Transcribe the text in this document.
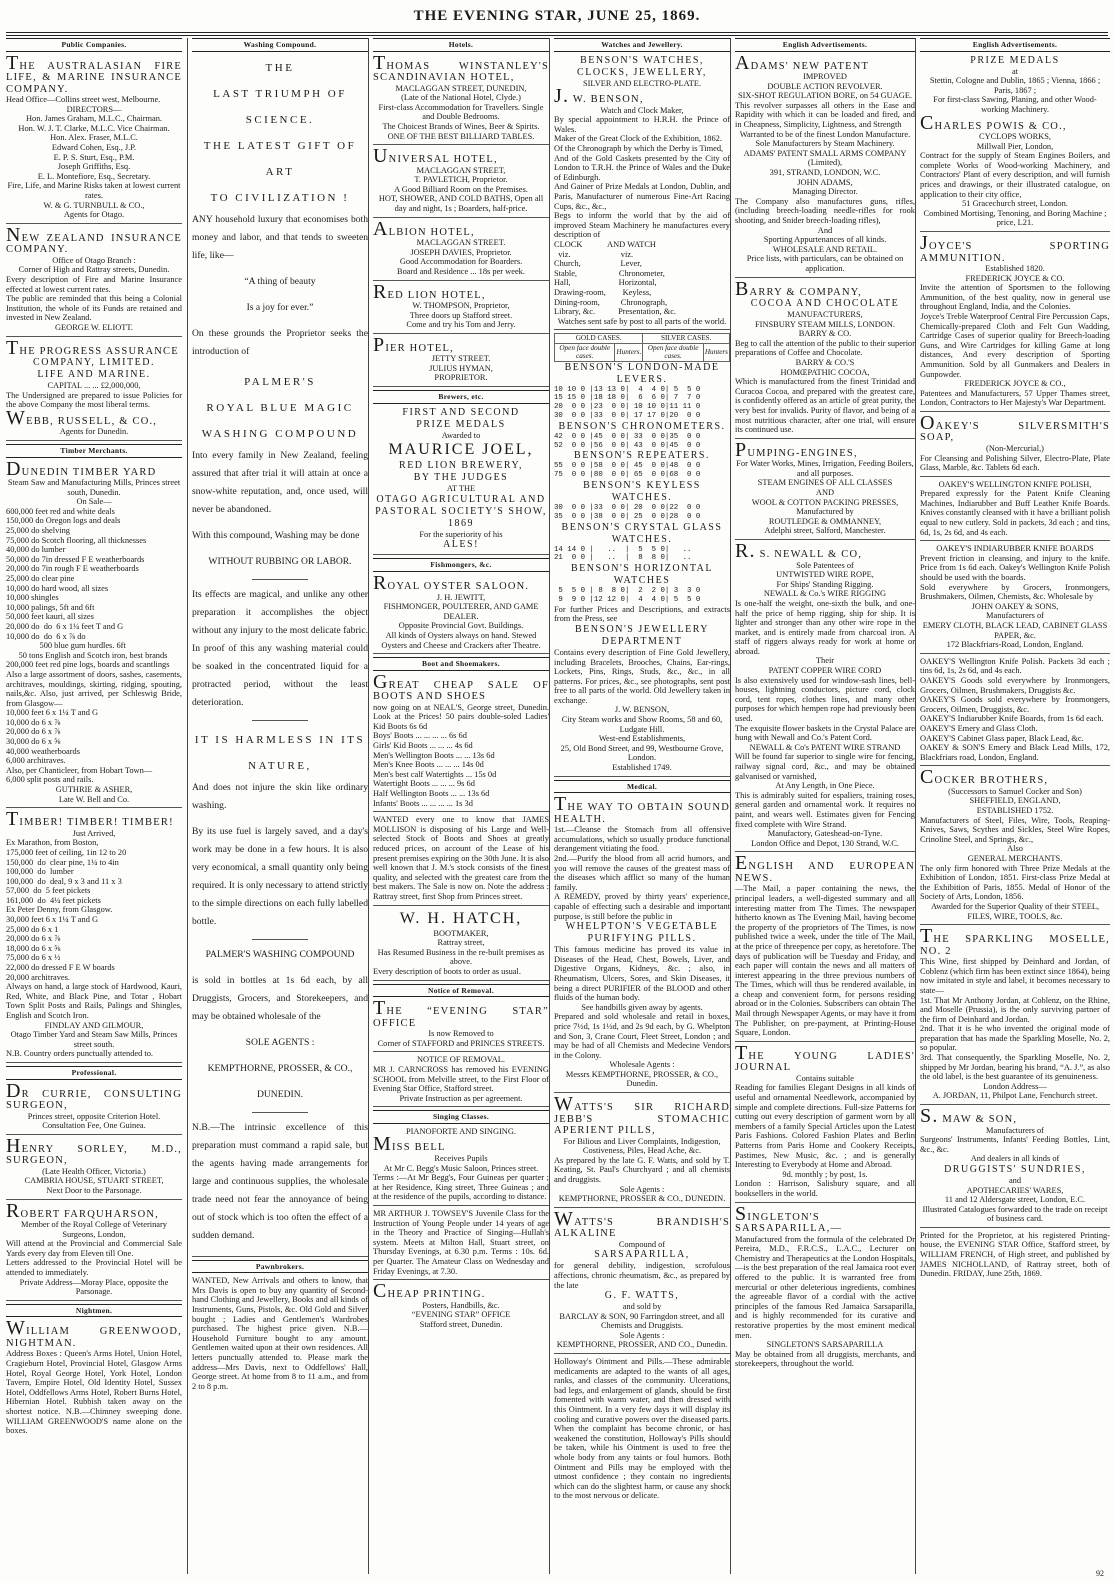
THE EVENING STAR, JUNE 25, 1869.
Public Companies.
THE AUSTRALASIAN FIRE LIFE, & MARINE INSURANCE COMPANY.
Head Office—Collins street west, Melbourne.
DIRECTORS—
Hon. James Graham, M.L.C., Chairman.
Hon. W. J. T. Clarke, M.L.C. Vice Chairman.
Hon. Alex. Fraser, M.L.C.
Edward Cohen, Esq., J.P.
E. P. S. Sturt, Esq., P.M.
Joseph Griffiths, Esq.
E. L. Montefiore, Esq., Secretary.
Fire, Life, and Marine Risks taken at lowest current rates.
W. & G. TURNBULL & CO.,
Agents for Otago.
NEW ZEALAND INSURANCE COMPANY.
Office of Otago Branch :
Corner of High and Rattray streets, Dunedin.
Every description of Fire and Marine Insurance effected at lowest current rates.
The public are reminded that this being a Colonial Institution, the whole of its Funds are retained and invested in New Zealand.
GEORGE W. ELIOTT.
THE PROGRESS ASSURANCE
COMPANY, LIMITED.
LIFE AND MARINE.
CAPITAL ... ... £2,000,000,
The Undersigned are prepared to issue Policies for the above Company the most liberal terms.
WEBB, RUSSELL, & CO.,
Agents for Dunedin.
Timber Merchants.
DUNEDIN TIMBER YARD
Steam Saw and Manufacturing Mills, Princes street south, Dunedin.
On Sale—
600,000 feet red and white deals
150,000 do Oregon logs and deals
25,000 do shelving
75,000 do Scotch flooring, all thicknesses
40,000 do lumber
50,000 do 7in dressed F E weatherboards
20,000 do 7in rough F E weatherboards
25,000 do clear pine
10,000 do hard wood, all sizes
10,000 shingles
10,000 palings, 5ft and 6ft
50,000 feet kauri, all sizes
20,000 do  do  6 x 1¼ feet T and G
10,000 do  do  6 x ⅞ do
500 blue gum hurdles. 6ft
50 tons English and Scotch iron, best brands
200,000 feet red pine logs, boards and scantlings
Also a large assortment of doors, sashes, casements, architraves, mouldings, skirting, ridging, spouting, nails,&c. Also, just arrived, per Schleswig Bride, from Glasgow—
10,000 feet 6 x 1¼ T and G
10,000 do 6 x ⅞
20,000 do 6 x ⅞
30,000 do 6 x ⅝
40,000 weatherboards
6,000 architraves.
Also, per Chanticleer, from Hobart Town—
6,000 split posts and rails.
GUTHRIE & ASHER,
Late W. Bell and Co.
TIMBER! TIMBER! TIMBER!
Just Arrived,
Ex Marathon, from Boston,
175,000 feet of ceiling, 1in 12 to 20
150,000  do  clear pine, 1¼ to 4in
100,000  do  lumber
100,000  do  deal, 9 x 3 and 11 x 3
57,000  do  5 feet pickets
161,000  do  4¼ feet pickets
Ex Peter Denny, from Glasgow.
30,000 feet 6 x 1¼ T and G
25,000 do 6 x 1
20,000 do 6 x ⅞
18,000 do 6 x ⅝
75,000 do 6 x ½
22,000 do dressed F E W boards
20,000 architraves.
Always on hand, a large stock of Hardwood, Kauri, Red, White, and Black Pine, and Totar , Hobart Town Split Posts and Rails, Palings and Shingles, English and Scotch Iron.
FINDLAY AND GILMOUR,
Otago Timber Yard and Steam Saw Mills, Princes street south.
N.B. Country orders punctually attended to.
Professional.
DR CURRIE, CONSULTING SURGEON,
Princes street, opposite Criterion Hotel.
Consultation Fee, One Guinea.
HENRY SORLEY, M.D., SURGEON,
(Late Health Officer, Victoria.)
CAMBRIA HOUSE, STUART STREET,
Next Door to the Parsonage.
ROBERT FARQUHARSON,
Member of the Royal College of Veterinary Surgeons, London,
Will attend at the Provincial and Commercial Sale Yards every day from Eleven till One.
Letters addressed to the Provincial Hotel will be attended to immediately.
Private Address—Moray Place, opposite the Parsonage.
Nightmen.
WILLIAM GREENWOOD, NIGHTMAN.
Address Boxes : Queen's Arms Hotel, Union Hotel, Cragieburn Hotel, Provincial Hotel, Glasgow Arms Hotel, Royal George Hotel, York Hotel, London Tavern, Empire Hotel, Old Identity Hotel, Sussex Hotel, Oddfellows Arms Hotel, Robert Burns Hotel, Hibernian Hotel. Rubbish taken away on the shortest notice. N.B.—Chimney sweeping done. WILLIAM GREENWOOD'S name alone on the boxes.
Washing Compound.
THE
LAST TRIUMPH OF SCIENCE.
THE LATEST GIFT OF ART
TO CIVILIZATION !

ANY household luxury that economises both money and labor, and that tends to sweeten life, like—

“A thing of beauty

Is a joy for ever.”

On these grounds the Proprietor seeks the introduction of

PALMER'S
ROYAL BLUE MAGIC
WASHING COMPOUND

Into every family in New Zealand, feeling assured that after trial it will attain at once a snow-white reputation, and, once used, will never be abandoned.

With this compound, Washing may be done

WITHOUT RUBBING OR LABOR.

Its effects are magical, and unlike any other preparation it accomplishes the object without any injury to the most delicate fabric. In proof of this any washing material could be soaked in the concentrated liquid for a protracted period, without the least deterioration.

IT IS HARMLESS IN ITS
NATURE,

And does not injure the skin like ordinary washing.

By its use fuel is largely saved, and a day's work may be done in a few hours. It is also very economical, a small quantity only being required. It is only necessary to attend strictly to the simple directions on each fully labelled bottle.

PALMER'S WASHING COMPOUND

is sold in bottles at 1s 6d each, by all Druggists, Grocers, and Storekeepers, and may be obtained wholesale of the

SOLE AGENTS :

KEMPTHORNE, PROSSER, & CO.,

DUNEDIN.

N.B.—The intrinsic excellence of this preparation must command a rapid sale, but the agents having made arrangements for large and continuous supplies, the wholesale trade need not fear the annoyance of being out of stock which is too often the effect of a sudden demand.

Pawnbrokers.
WANTED, New Arrivals and others to know, that Mrs Davis is open to buy any quantity of Second-hand Clothing and Jewellery, Books and all kinds of Instruments, Guns, Pistols, &c. Old Gold and Silver bought ; Ladies and Gentlemen's Wardrobes purchased. The highest price given. N.B.—Household Furniture bought to any amount. Gentlemen waited upon at their own residences. All letters punctually attended to. Please mark the address—Mrs Davis, next to Oddfellows' Hall, George street. At home from 8 to 11 a.m., and from 2 to 8 p.m.
Hotels.
THOMAS WINSTANLEY'S SCANDINAVIAN HOTEL,
MACLAGGAN STREET, DUNEDIN,
(Late of the National Hotel, Clyde.)
First-class Accommodation for Travellers. Single and Double Bedrooms.
The Choicest Brands of Wines, Beer & Spirits.
ONE OF THE BEST BILLIARD TABLES.
UNIVERSAL HOTEL,
MACLAGGAN STREET,
T. PAVLETICH, Proprietor.
A Good Billiard Room on the Premises.
HOT, SHOWER, AND COLD BATHS, Open all day and night, 1s ; Boarders, half-price.
ALBION HOTEL,
MACLAGGAN STREET.
JOSEPH DAVIES, Proprietor.
Good Accommodation for Boarders.
Board and Residence ... 18s per week.
RED LION HOTEL,
W. THOMPSON, Proprietor,
Three doors up Stafford street.
Come and try his Tom and Jerry.
PIER HOTEL,
JETTY STREET.
JULIUS HYMAN,
PROPRIETOR.
Brewers, etc.
FIRST AND SECOND
PRIZE MEDALS
Awarded to
MAURICE JOEL,
RED LION BREWERY,
BY THE JUDGES
AT THE
OTAGO AGRICULTURAL AND
PASTORAL SOCIETY'S SHOW, 1869
For the superiority of his
ALES!
Fishmongers, &c.
ROYAL OYSTER SALOON.
J. H. JEWITT,
FISHMONGER, POULTERER, AND GAME DEALER.
Opposite Provincial Govt. Buildings.
All kinds of Oysters always on hand. Stewed Oysters and Cheese and Crackers after Theatre.
Boot and Shoemakers.
GREAT CHEAP SALE OF BOOTS AND SHOES
now going on at NEAL'S, George street, Dunedin. Look at the Prices! 50 pairs double-soled Ladies' Kid Boots 6s 6d
Boys' Boots ... ... ... ... 6s 6d
Girls' Kid Boots ... ... ... 4s 6d
Men's Wellington Boots ... ... 13s 6d
Men's Knee Boots ... ... ... 14s 0d
Men's best calf Watertights ... 15s 0d
Watertight Boots ... ... ... 9s 6d
Half Wellington Boots ... ... 13s 6d
Infants' Boots ... ... ... ... 1s 3d
WANTED every one to know that JAMES MOLLISON is disposing of his Large and Well-selected Stock of Boots and Shoes at greatly reduced prices, on account of the Lease of his present premises expiring on the 30th June. It is also well known that J. M.'s stock consists of the finest quality, and selected with the greatest care from the best makers. The Sale is now on. Note the address : Rattray street, first Shop from Princes street.
W. H. HATCH,
BOOTMAKER,
Rattray street,
Has Resumed Business in the re-built premises as above.
Every description of boots to order as usual.
Notice of Removal.
THE “EVENING STAR” OFFICE
Is now Removed to
Corner of STAFFORD and PRINCES STREETS.
NOTICE OF REMOVAL.
MR J. CARNCROSS has removed his EVENING SCHOOL from Melville street, to the First Floor of Evening Star Office, Stafford street.
Private Instruction as per agreement.
Singing Classes.
PIANOFORTE AND SINGING.
MISS BELL
Receives Pupils
At Mr C. Begg's Music Saloon, Princes street.
Terms :—At Mr Begg's, Four Guineas per quarter ; at her Residence, King street, Three Guineas ; and at the residence of the pupils, according to distance.
MR ARTHUR J. TOWSEY'S Juvenile Class for the Instruction of Young People under 14 years of age in the Theory and Practice of Singing—Hullah's system. Meets at Milton Hall, Stuart street, on Thursday Evenings, at 6.30 p.m. Terms : 10s. 6d. per Quarter. The Amateur Class on Wednesday and Friday Evenings, at 7.30.
CHEAP PRINTING.
Posters, Handbills, &c.
“EVENING STAR” OFFICE
Stafford street, Dunedin.
Watches and Jewellery.
BENSON'S WATCHES, CLOCKS, JEWELLERY,
SILVER AND ELECTRO-PLATE.
J. W. BENSON,
Watch and Clock Maker,
By special appointment to H.R.H. the Prince of Wales.
Maker of the Great Clock of the Exhibition, 1862.
Of the Chronograph by which the Derby is Timed,
And of the Gold Caskets presented by the City of London to T.R.H. the Prince of Wales and the Duke of Edinburgh.
And Gainer of Prize Medals at London, Dublin, and Paris, Manufacturer of numerous Fine-Art Racing Cups, &c., &c.,
Begs to inform the world that by the aid of improved Steam Machinery he manufactures every description of
CLOCK            AND WATCH
viz.                        viz.
Church,                   Lever,
Stable,                    Chronometer,
Hall,                       Horizontal,
Drawing-room,        Keyless,
Dining-room,          Chronograph,
Library, &c.           Presentation, &c.
Watches sent safe by post to all parts of the world.
GOLD CASES.		SILVER CASES.	
Open face double cases.	Hunters.	Open face double cases.	Hunters
BENSON'S LONDON-MADE LEVERS.
10 10 0 |13 13 0|  4  4 0| 5  5 0
15 15 0 |18 18 0|  6  6 0| 7  7 0
20  0 0 |23  0 0| 10 10 0|11 11 0
30  0 0 |33  0 0| 17 17 0|20  0 0
BENSON'S CHRONOMETERS.
42  0 0 |45  0 0| 33  0 0|35  0 0
52  0 0 |56  0 0| 43  0 0|45  0 0
BENSON'S REPEATERS.
55  0 0 |58  0 0| 45  0 0|48  0 0
75  0 0 |80  0 0| 65  0 0|68  0 0
BENSON'S KEYLESS WATCHES.
30  0 0 |33  0 0| 20  0 0|22  0 0
35  0 0 |38  0 0| 25  0 0|28  0 0
BENSON'S CRYSTAL GLASS WATCHES.
14 14 0 |   ..  |  5  5 0|   ..
21  0 0 |   ..  |  8  8 0|   ..
BENSON'S HORIZONTAL WATCHES
5  5 0 | 8  8 0|  2  2 0| 3  3 0
9  9 0 |12 12 0|  4  4 0| 5  5 0
For further Prices and Descriptions, and extracts from the Press, see
BENSON'S JEWELLERY DEPARTMENT
Contains every description of Fine Gold Jewellery, including Bracelets, Brooches, Chains, Ear-rings, Lockets, Pins, Rings, Studs, &c., &c., in all patterns. For prices, &c., see photographs, sent post free to all parts of the world. Old Jewellery taken in exchange.
J. W. BENSON,
City Steam works and Show Rooms, 58 and 60, Ludgate Hill.
West-end Establishments,
25, Old Bond Street, and 99, Westbourne Grove, London.
Established 1749.
Medical.
THE WAY TO OBTAIN SOUND HEALTH.
1st.—Cleanse the Stomach from all offensive accumulations, which so usually produce functional derangement vitiating the food.
2nd.—Purify the blood from all acrid humors, and you will remove the causes of the greatest mass of the diseases which afflict so many of the human family.
A REMEDY, proved by thirty years' experience, capable of effecting such a desirable and important purpose, is still before the public in
WHELPTON'S VEGETABLE PURIFYING PILLS.
This famous medicine has proved its value in Diseases of the Head, Chest, Bowels, Liver, and Digestive Organs, Kidneys, &c. ; also, in Rheumatism, Ulcers, Sores, and Skin Diseases, it being a direct PURIFIER of the BLOOD and other fluids of the human body.
See handbills given away by agents.
Prepared and sold wholesale and retail in boxes, price 7½d, 1s 1½d, and 2s 9d each, by G. Whelpton and Son, 3, Crane Court, Fleet Street, London ; and may be had of all Chemists and Medecine Vendors in the Colony.
Wholesale Agents :
Messrs KEMPTHORNE, PROSSER, & CO., Dunedin.
WATTS'S SIR RICHARD JEBB'S STOMACHIC APERIENT PILLS,
For Bilious and Liver Complaints, Indigestion,
Costiveness, Piles, Head Ache, &c.
As prepared by the late G. F. Watts, and sold by T. Keating, St. Paul's Churchyard ; and all chemists and druggists.
Sole Agents :
KEMPTHORNE, PROSSER & CO., DUNEDIN.
WATTS'S BRANDISH'S ALKALINE
Compound of
SARSAPARILLA,
for general debility, indigestion, scrofulous affections, chronic rheumatism, &c., as prepared by the late
G. F. WATTS,
and sold by
BARCLAY & SON, 90 Farringdon street, and all Chemists and Druggists.
Sole Agents :
KEMPTHORNE, PROSSER, AND CO., Dunedin.
Holloway's Ointment and Pills.—These admirable medicaments are adapted to the wants of all ages, ranks, and classes of the community. Ulcerations, bad legs, and enlargement of glands, should be first fomented with warm water, and then dressed with this Ointment. In a very few days it will display its cooling and curative powers over the diseased parts. When the complaint has become chronic, or has weakened the constitution, Holloway's Pills should be taken, while his Ointment is used to free the whole body from any taints or foul humors. Both Ointment and Pills may be employed with the utmost confidence ; they contain no ingredients which can do the slightest harm, or cause any shock to the most nervous or delicate.
English Advertisements.
ADAMS' NEW PATENT
IMPROVED
DOUBLE ACTION REVOLVER.
SIX-SHOT REGULATION BORE, on 54 GUAGE.
This revolver surpasses all others in the Ease and Rapidity with which it can be loaded and fired, and in Cheapness, Simplicity, Lightness, and Strength
Warranted to be of the finest London Manufacture.
Sole Manufacturers by Steam Machinery.
ADAMS' PATENT SMALL ARMS COMPANY
(Limited),
391, STRAND, LONDON, W.C.
JOHN ADAMS,
Managing Director.
The Company also manufactures guns, rifles, (including breech-loading needle-rifles for rook shooting, and Snider breech-loading rifles),
And
Sporting Appurtenances of all kinds.
WHOLESALE AND RETAIL.
Price lists, with particulars, can be obtained on application.
BARRY & COMPANY,
COCOA AND CHOCOLATE
MANUFACTURERS,
FINSBURY STEAM MILLS, LONDON.
BARRY & CO.
Beg to call the attention of the public to their superior preparations of Coffee and Chocolate.
BARRY & CO.'S
HOMŒPATHIC COCOA,
Which is manufactured from the finest Trinidad and Curacoa Cocoa, and prepared with the greatest care, is confidently offered as an article of great purity, the very best for invalids. Purity of flavor, and being of a most nutritious character, after one trial, will ensure its continued use.
PUMPING-ENGINES,
For Water Works, Mines, Irrigation, Feeding Boilers, and all purposes.
STEAM ENGINES OF ALL CLASSES
AND
WOOL & COTTON PACKING PRESSES,
Manufactured by
ROUTLEDGE & OMMANNEY,
Adelphi street, Salford, Manchester.
R. S. NEWALL & CO,
Sole Patentees of
UNTWISTED WIRE ROPE,
For Ships' Standing Rigging.
NEWALL & Co.'s WIRE RIGGING
Is one-half the weight, one-sixth the bulk, and one-half the price of hemp rigging, ship for ship. It is lighter and stronger than any other wire rope in the market, and is entirely made from charcoal iron. A staff of riggers always ready for work at home or abroad.
Their
PATENT COPPER WIRE CORD
Is also extensively used for window-sash lines, bell-houses, lightning conductors, picture cord, clock cord, tent ropes, clothes lines, and many other purposes for which hempen rope had previously been used.
The exquisite flower baskets in the Crystal Palace are hung with Newall and Co.'s Patent Cord.
NEWALL & Co's PATENT WIRE STRAND
Will be found far superior to single wire for fencing, railway signal cord, &c., and may be obtained galvanised or varnished,
At Any Length, in One Piece.
This is admirably suited for espaliers, training roses, general garden and ornamental work. It requires no paint, and wears well. Estimates given for Fencing fixed complete with Wire Strand.
Manufactory, Gateshead-on-Tyne.
London Office and Depot, 130 Strand, W.C.
ENGLISH AND EUROPEAN NEWS.
—The Mail, a paper containing the news, the principal leaders, a well-digested summary and all interesting matter from The Times. The newspaper hitherto known as The Evening Mail, having become the property of the proprietors of The Times, is now published twice a week, under the title of The Mail, at the price of threepence per copy, as heretofore. The days of publication will be Tuesday and Friday, and each paper will contain the news and all matters of interest appearing in the three previous numbers of The Times, which will thus be rendered available, in a cheap and convenient form, for persons residing abroad or in the Colonies. Subscribers can obtain The Mail through Newspaper Agents, or may have it from The Publisher, on pre-payment, at Printing-House Square, London.
THE YOUNG LADIES' JOURNAL
Contains suitable
Reading for families Elegant Designs in all kinds of useful and ornamental Needlework, accompanied by simple and complete directions. Full-size Patterns for cutting out every description of garment worn by all members of a family Special Articles upon the Latest Paris Fashions. Colored Fashion Plates and Berlin Patterns from Paris Home and Cookery Receipts, Pastimes, New Music, &c. ; and is generally Interesting to Everybody at Home and Abroad.
9d. monthly ; by post, 1s.
London : Harrison, Salisbury square, and all booksellers in the world.
SINGLETON'S SARSAPARILLA,—
Manufactured from the formula of the celebrated Dr Pereira, M.D., F.R.C.S., L.A.C., Lecturer on Chemistry and Therapeutics at the London Hospitals,—is the best preparation of the real Jamaica root ever offered to the public. It is warranted free from mercurial or other deleterious ingredients, combines the agreeable flavor of a cordial with the active principles of the famous Red Jamaica Sarsaparilla, and is highly recommended for its curative and restorative properties by the most eminent medical men.
SINGLETON'S SARSAPARILLA
May be obtained from all druggists, merchants, and storekeepers, throughout the world.
English Advertisements.
PRIZE MEDALS
at
Stettin, Cologne and Dublin, 1865 ; Vienna, 1866 ; Paris, 1867 ;
For first-class Sawing, Planing, and other Wood-working Machinery.
CHARLES POWIS & CO.,
CYCLOPS WORKS,
Millwall Pier, London,
Contract for the supply of Steam Engines Boilers, and complete Works of Wood-working Machinery, and Contractors' Plant of every description, and will furnish prices and drawings, or their illustrated catalogue, on application to their city office,
51 Gracechurch street, London.
Combined Mortising, Tenoning, and Boring Machine ; price, L21.
JOYCE'S SPORTING AMMUNITION.
Established 1820.
FREDERICK JOYCE & CO.
Invite the attention of Sportsmen to the following Ammunition, of the best quality, now in general use throughout England, India, and the Colonies.
Joyce's Treble Waterproof Central Fire Percussion Caps,
Chemically-prepared Cloth and Felt Gun Wadding, Cartridge Cases of superior quality for Breech-loading Guns, and Wire Cartridges for killing Game at long distances, And every description of Sporting Ammunition. Sold by all Gunmakers and Dealers in Gunpowder.
FREDERICK JOYCE & CO.,
Patentees and Manufacturers, 57 Upper Thames street, London, Contractors to Her Majesty's War Department.
OAKEY'S SILVERSMITH'S SOAP,
(Non-Mercurial,)
For Cleansing and Polishing Silver, Electro-Plate, Plate Glass, Marble, &c. Tablets 6d each.
OAKEY'S WELLINGTON KNIFE POLISH,
Prepared expressly for the Patent Knife Cleaning Machines, Indiarubber and Buff Leather Knife Boards. Knives constantly cleansed with it have a brilliant polish equal to new cutlery. Sold in packets, 3d each ; and tins, 6d, 1s, 2s 6d, and 4s each.
OAKEY'S INDIARUBBER KNIFE BOARDS
Prevent friction in cleansing, and injury to the knife. Price from 1s 6d each. Oakey's Wellington Knife Polish should be used with the boards.
Sold everywhere by Grocers, Ironmongers, Brushmakers, Oilmen, Chemists, &c. Wholesale by
JOHN OAKEY & SONS,
Manufacturers of
EMERY CLOTH, BLACK LEAD, CABINET GLASS PAPER, &c.
172 Blackfriars-Road, London, England.
OAKEY'S Wellington Knife Polish. Packets 3d each ; tins 6d, 1s, 2s 6d, and 4s each.
OAKEY'S Goods sold everywhere by Ironmongers, Grocers, Oilmen, Brushmakers, Druggists &c.
OAKEY'S Goods sold everywhere by Ironmongers, Grocers, Oilmen, Druggists, &c.
OAKEY'S Indiarubber Knife Boards, from 1s 6d each.
OAKEY'S Emery and Glass Cloth.
OAKEY'S Cabinet Glass paper, Black Lead, &c.
OAKEY & SON'S Emery and Black Lead Mills, 172, Blackfriars road, London, England.
COCKER BROTHERS,
(Successors to Samuel Cocker and Son)
SHEFFIELD, ENGLAND,
ESTABLISHED 1752.
Manufacturers of Steel, Files, Wire, Tools, Reaping-Knives, Saws, Scythes and Sickles, Steel Wire Ropes, Crinoline Steel, and Springs, &c.,
Also
GENERAL MERCHANTS.
The only firm honored with Three Prize Medals at the Exhibition of London, 1851. First-class Prize Medal at the Exhibition of Paris, 1855. Medal of Honor of the Society of Arts, London, 1856.
Awarded for the Superior Quality of their STEEL, FILES, WIRE, TOOLS, &c.
THE SPARKLING MOSELLE, NO. 2
This Wine, first shipped by Deinhard and Jordan, of Coblenz (which firm has been extinct since 1864), being now imitated in style and label, it becomes necessary to state—
1st. That Mr Anthony Jordan, at Coblenz, on the Rhine, and Moselle (Prussia), is the only surviving partner of the firm of Deinhard and Jordan.
2nd. That it is he who invented the original mode of preparation that has made the Sparkling Moselle, No. 2, so popular.
3rd. That consequently, the Sparkling Moselle, No. 2, shipped by Mr Jordan, bearing his brand, “A. J.”, as also the old label, is the best guarantee of its genuineness.
London Address—
A. JORDAN, 11, Philpot Lane, Fenchurch street.
S. MAW & SON,
Manufacturers of
Surgeons' Instruments, Infants' Feeding Bottles, Lint, &c., &c.
And dealers in all kinds of
DRUGGISTS' SUNDRIES,
and
APOTHECARIES' WARES,
11 and 12 Aldersgate street, London, E.C.
Illustrated Catalogues forwarded to the trade on receipt of business card.
Printed for the Proprietor, at his registered Printing-house, the EVENING STAR Office, Stafford street, by WILLIAM FRENCH, of High street, and published by JAMES NICHOLLAND, of Rattray street, both of Dunedin. FRIDAY, June 25th, 1869.
92
